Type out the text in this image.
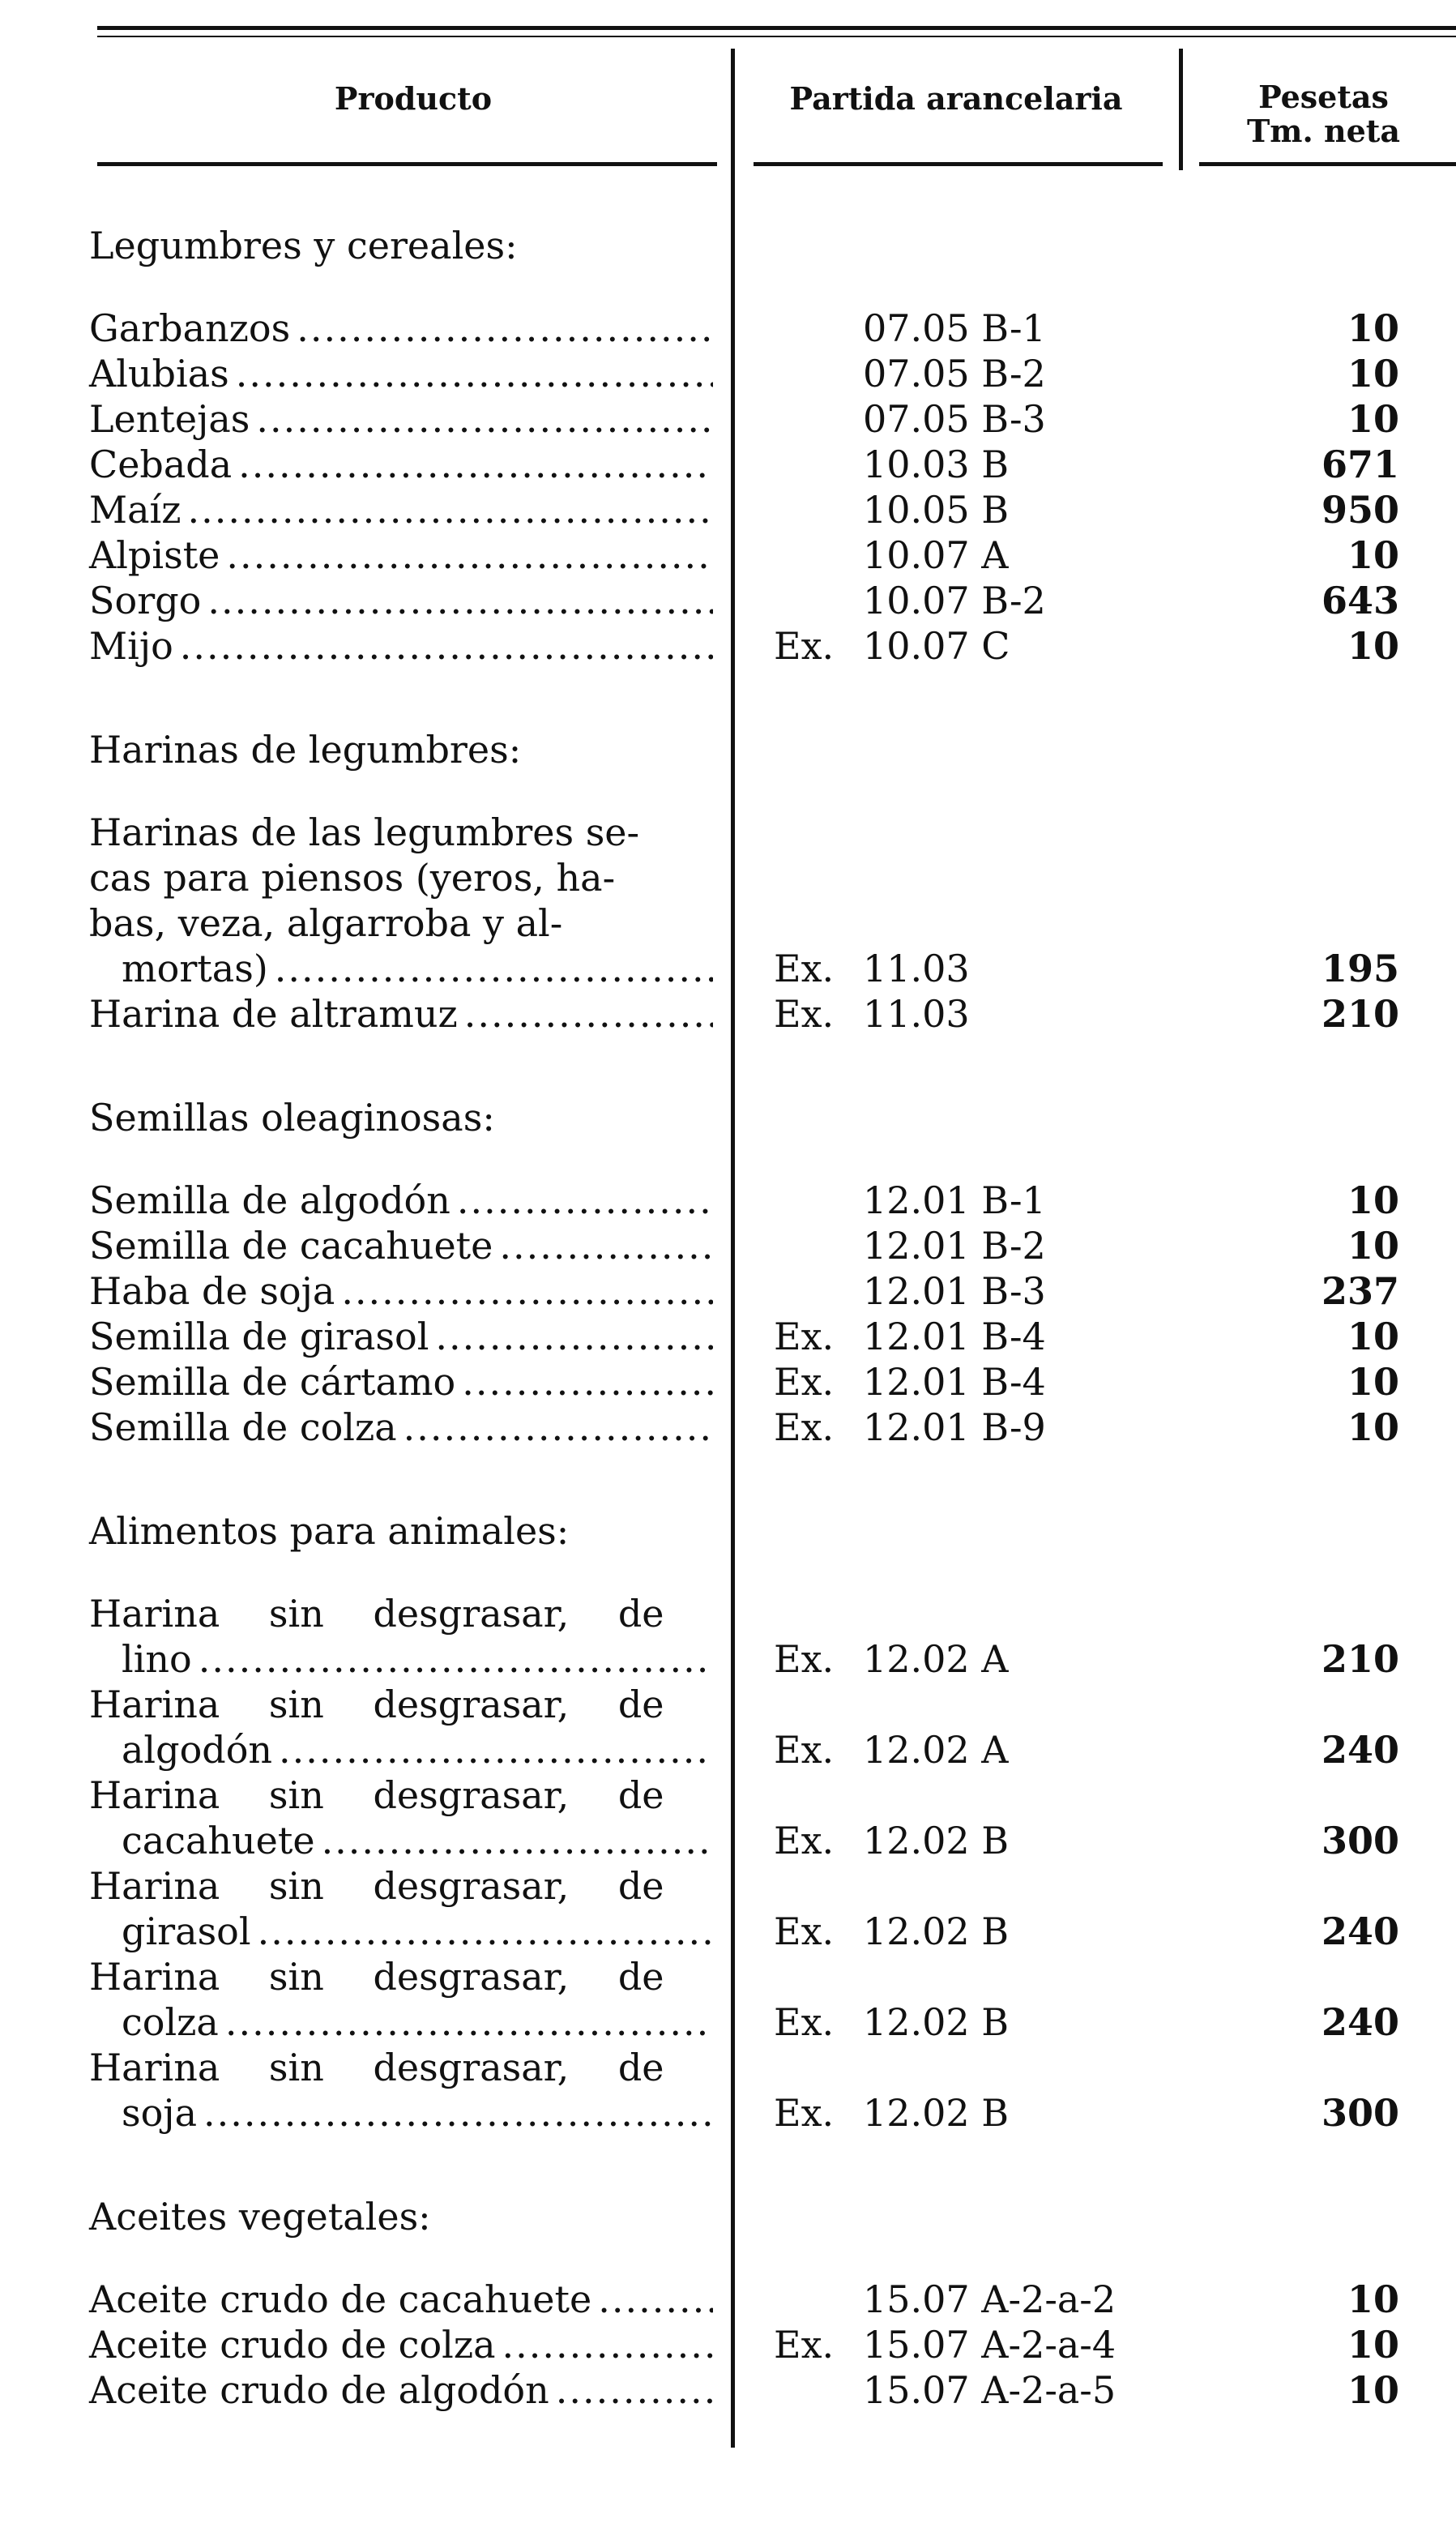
Producto	Partida arancelaria	Pesetas
Tm. neta
Legumbres y cereales:
Garbanzos .....	07.05 B-1	10
Alubias .....	07.05 B-2	10
Lentejas .....	07.05 B-3	10
Cebada .....	10.03 B	671
Maíz .....	10.05 B	950
Alpiste .....	10.07 A	10
Sorgo .....	10.07 B-2	643
Mijo .....	Ex. 10.07 C	10
Harinas de legumbres:
Harinas de las legumbres se-
cas para piensos (yeros, ha-
bas, veza, algarroba y al-
mortas) .....	Ex. 11.03	195
Harina de altramuz .....	Ex. 11.03	210
Semillas oleaginosas:
Semilla de algodón .....	12.01 B-1	10
Semilla de cacahuete .....	12.01 B-2	10
Haba de soja .....	12.01 B-3	237
Semilla de girasol .....	Ex. 12.01 B-4	10
Semilla de cártamo .....	Ex. 12.01 B-4	10
Semilla de colza .....	Ex. 12.01 B-9	10
Alimentos para animales:
Harina sin desgrasar, de
lino .....	Ex. 12.02 A	210
Harina sin desgrasar, de
algodón .....	Ex. 12.02 A	240
Harina sin desgrasar, de
cacahuete .....	Ex. 12.02 B	300
Harina sin desgrasar, de
girasol .....	Ex. 12.02 B	240
Harina sin desgrasar, de
colza .....	Ex. 12.02 B	240
Harina sin desgrasar, de
soja .....	Ex. 12.02 B	300
Aceites vegetales:
Aceite crudo de cacahuete .....	15.07 A-2-a-2	10
Aceite crudo de colza .....	Ex. 15.07 A-2-a-4	10
Aceite crudo de algodón .....	15.07 A-2-a-5	10
